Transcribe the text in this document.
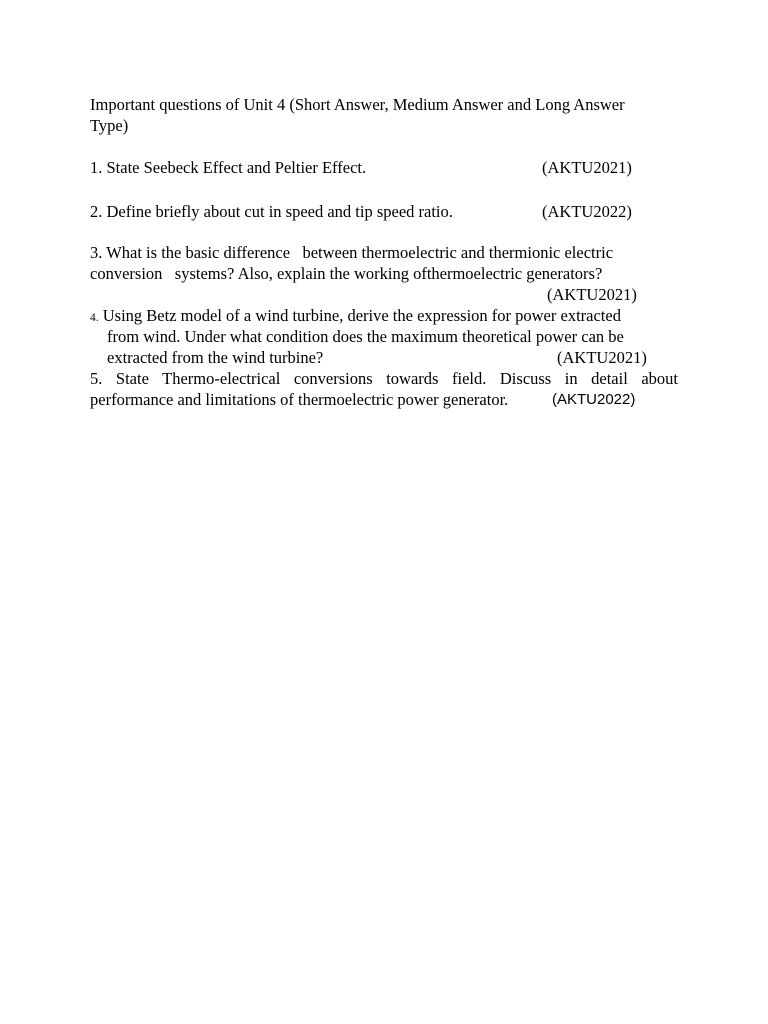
Important questions of Unit 4 (Short Answer, Medium Answer and Long Answer
Type)
1. State Seebeck Effect and Peltier Effect.	(AKTU2021)
2. Define briefly about cut in speed and tip speed ratio.	(AKTU2022)
3. What is the basic difference   between thermoelectric and thermionic electric
conversion   systems? Also, explain the working ofthermoelectric generators?
(AKTU2021)
4. Using Betz model of a wind turbine, derive the expression for power extracted
from wind. Under what condition does the maximum theoretical power can be
extracted from the wind turbine?	(AKTU2021)
5. State Thermo-electrical conversions towards field. Discuss in detail about
performance and limitations of thermoelectric power generator.	(AKTU2022)
